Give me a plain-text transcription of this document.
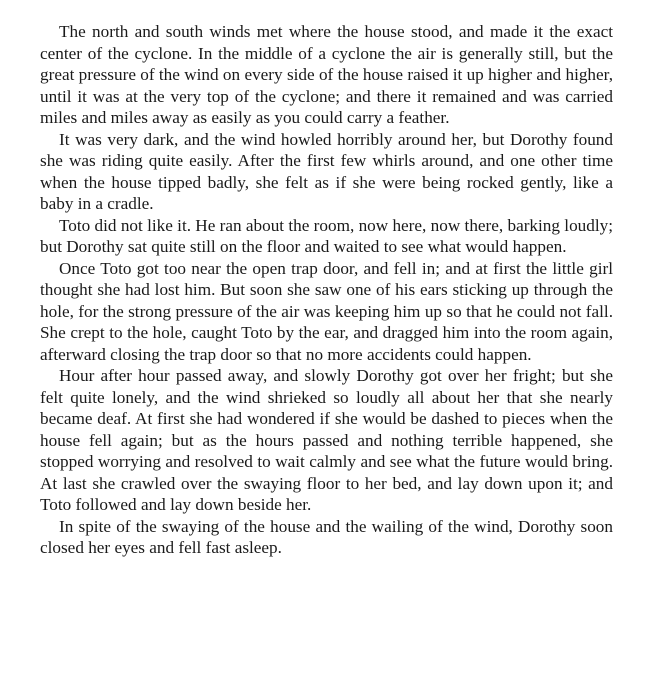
The north and south winds met where the house stood, and made it the exact center of the cyclone. In the middle of a cyclone the air is generally still, but the great pressure of the wind on every side of the house raised it up higher and higher, until it was at the very top of the cyclone; and there it remained and was carried miles and miles away as easily as you could carry a feather.

It was very dark, and the wind howled horribly around her, but Dorothy found she was riding quite easily. After the first few whirls around, and one other time when the house tipped badly, she felt as if she were being rocked gently, like a baby in a cradle.

Toto did not like it. He ran about the room, now here, now there, barking loudly; but Dorothy sat quite still on the floor and waited to see what would happen.

Once Toto got too near the open trap door, and fell in; and at first the little girl thought she had lost him. But soon she saw one of his ears sticking up through the hole, for the strong pressure of the air was keeping him up so that he could not fall. She crept to the hole, caught Toto by the ear, and dragged him into the room again, afterward closing the trap door so that no more accidents could happen.

Hour after hour passed away, and slowly Dorothy got over her fright; but she felt quite lonely, and the wind shrieked so loudly all about her that she nearly became deaf. At first she had wondered if she would be dashed to pieces when the house fell again; but as the hours passed and nothing terrible happened, she stopped worrying and resolved to wait calmly and see what the future would bring. At last she crawled over the swaying floor to her bed, and lay down upon it; and Toto followed and lay down beside her.

In spite of the swaying of the house and the wailing of the wind, Dorothy soon closed her eyes and fell fast asleep.
